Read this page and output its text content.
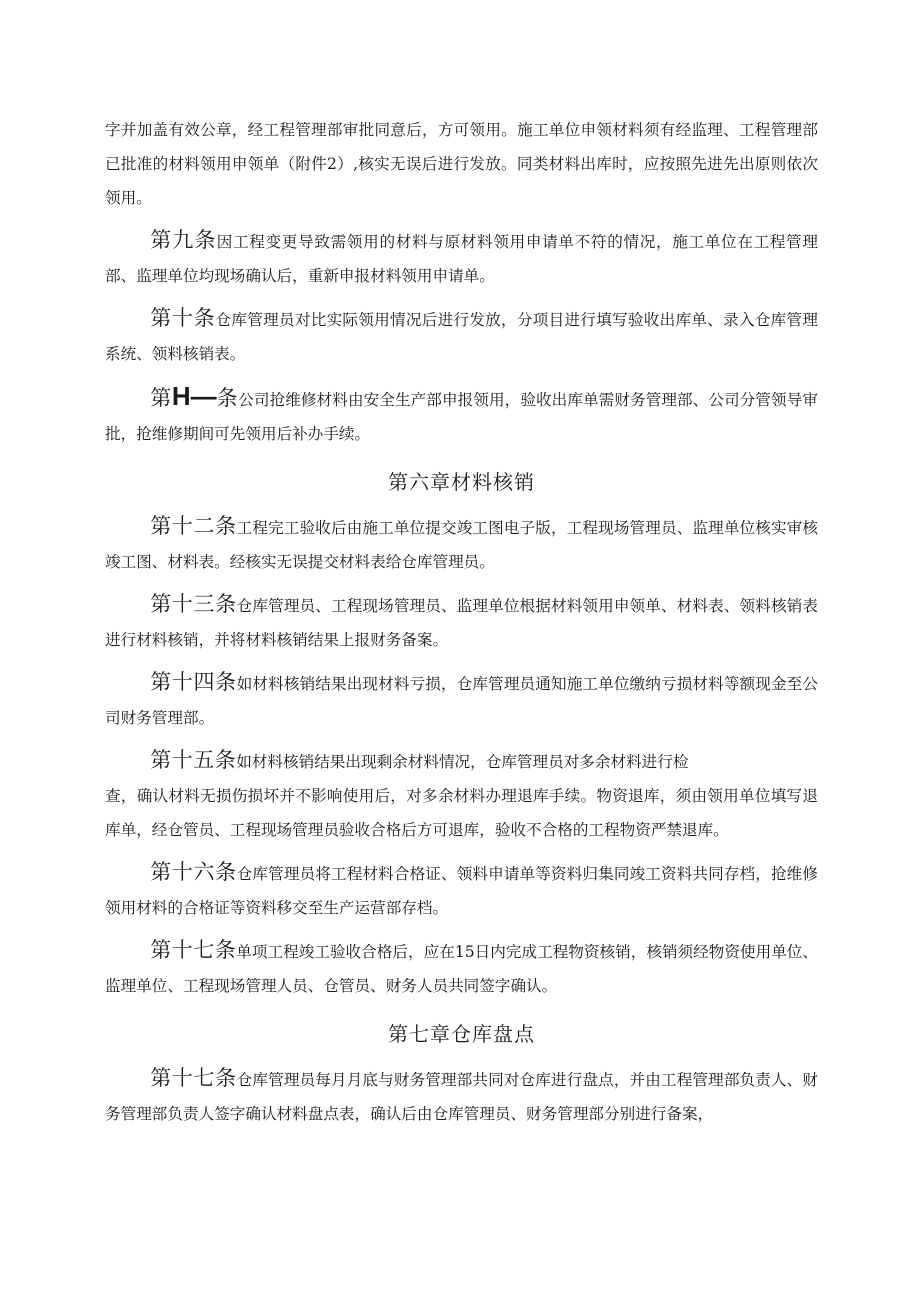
字并加盖有效公章，经工程管理部审批同意后，方可领用。施工单位申领材料须有经监理、工程管理部已批准的材料领用申领单（附件2）,核实无误后进行发放。同类材料出库时，应按照先进先出原则依次领用。

第九条因工程变更导致需领用的材料与原材料领用申请单不符的情况，施工单位在工程管理部、监理单位均现场确认后，重新申报材料领用申请单。

第十条仓库管理员对比实际领用情况后进行发放，分项目进行填写验收出库单、录入仓库管理系统、领料核销表。

第H—条公司抢维修材料由安全生产部申报领用，验收出库单需财务管理部、公司分管领导审批，抢维修期间可先领用后补办手续。

第六章材料核销

第十二条工程完工验收后由施工单位提交竣工图电子版，工程现场管理员、监理单位核实审核竣工图、材料表。经核实无误提交材料表给仓库管理员。

第十三条仓库管理员、工程现场管理员、监理单位根据材料领用申领单、材料表、领料核销表进行材料核销，并将材料核销结果上报财务备案。

第十四条如材料核销结果出现材料亏损，仓库管理员通知施工单位缴纳亏损材料等额现金至公司财务管理部。

第十五条如材料核销结果出现剩余材料情况，仓库管理员对多余材料进行检

查，确认材料无损伤损坏并不影响使用后，对多余材料办理退库手续。物资退库，须由领用单位填写退库单，经仓管员、工程现场管理员验收合格后方可退库，验收不合格的工程物资严禁退库。

第十六条仓库管理员将工程材料合格证、领料申请单等资料归集同竣工资料共同存档，抢维修领用材料的合格证等资料移交至生产运营部存档。

第十七条单项工程竣工验收合格后，应在15日内完成工程物资核销，核销须经物资使用单位、监理单位、工程现场管理人员、仓管员、财务人员共同签字确认。

第七章仓库盘点

第十七条仓库管理员每月月底与财务管理部共同对仓库进行盘点，并由工程管理部负责人、财务管理部负责人签字确认材料盘点表，确认后由仓库管理员、财务管理部分别进行备案，
